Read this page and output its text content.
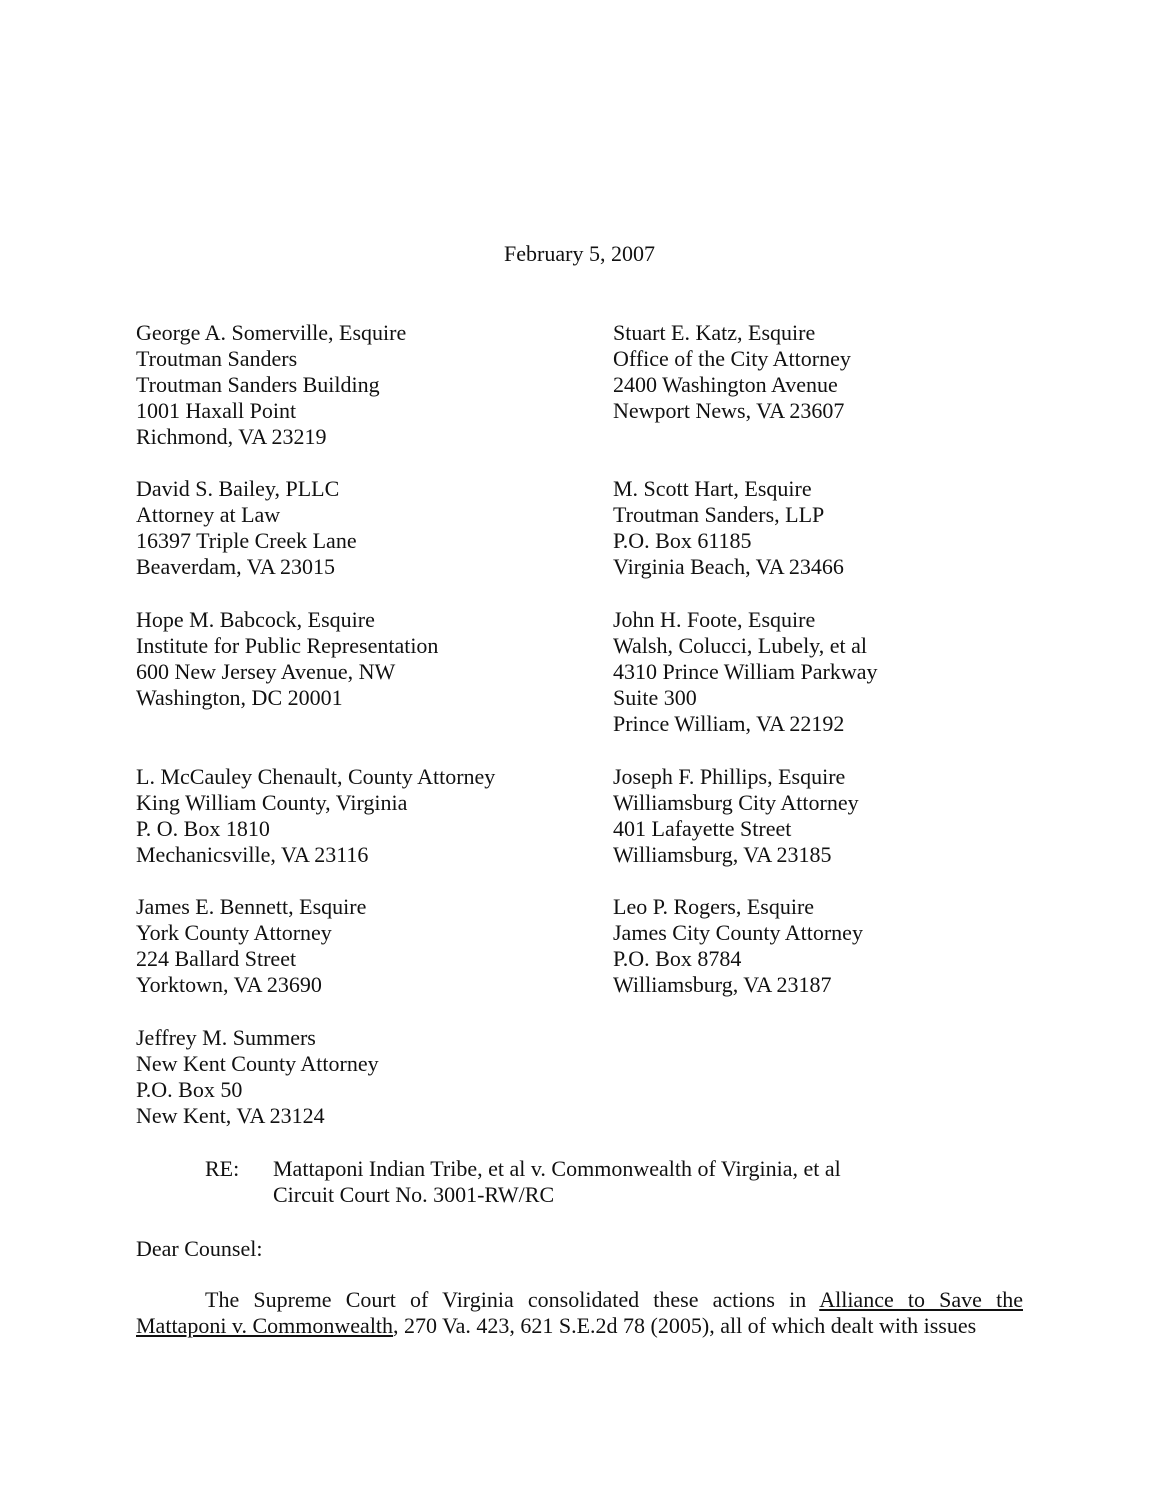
February 5, 2007
George A. Somerville, Esquire
Troutman Sanders
Troutman Sanders Building
1001 Haxall Point
Richmond, VA 23219
David S. Bailey, PLLC
Attorney at Law
16397 Triple Creek Lane
Beaverdam, VA 23015
Hope M. Babcock, Esquire
Institute for Public Representation
600 New Jersey Avenue, NW
Washington, DC 20001
L. McCauley Chenault, County Attorney
King William County, Virginia
P. O. Box 1810
Mechanicsville, VA 23116
James E. Bennett, Esquire
York County Attorney
224 Ballard Street
Yorktown, VA 23690
Jeffrey M. Summers
New Kent County Attorney
P.O. Box 50
New Kent, VA 23124
Stuart E. Katz, Esquire
Office of the City Attorney
2400 Washington Avenue
Newport News, VA 23607
M. Scott Hart, Esquire
Troutman Sanders, LLP
P.O. Box 61185
Virginia Beach, VA 23466
John H. Foote, Esquire
Walsh, Colucci, Lubely, et al
4310 Prince William Parkway
Suite 300
Prince William, VA 22192
Joseph F. Phillips, Esquire
Williamsburg City Attorney
401 Lafayette Street
Williamsburg, VA 23185
Leo P. Rogers, Esquire
James City County Attorney
P.O. Box 8784
Williamsburg, VA 23187
RE: Mattaponi Indian Tribe, et al v. Commonwealth of Virginia, et al
Circuit Court No. 3001-RW/RC
Dear Counsel:
The Supreme Court of Virginia consolidated these actions in Alliance to Save the
Mattaponi v. Commonwealth, 270 Va. 423, 621 S.E.2d 78 (2005), all of which dealt with issues
